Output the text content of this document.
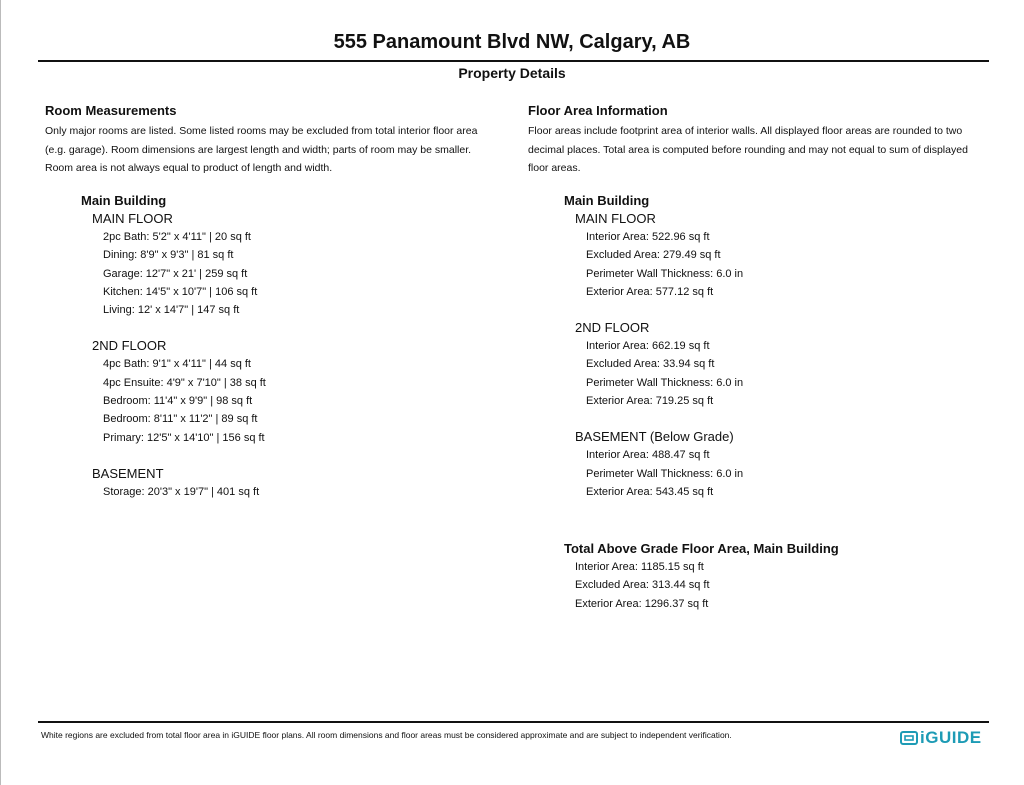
555 Panamount Blvd NW, Calgary, AB
Property Details
Room Measurements
Only major rooms are listed. Some listed rooms may be excluded from total interior floor area
(e.g. garage). Room dimensions are largest length and width; parts of room may be smaller.
Room area is not always equal to product of length and width.
Main Building
MAIN FLOOR
2pc Bath: 5'2" x 4'11" | 20 sq ft
Dining: 8'9" x 9'3" | 81 sq ft
Garage: 12'7" x 21' | 259 sq ft
Kitchen: 14'5" x 10'7" | 106 sq ft
Living: 12' x 14'7" | 147 sq ft
2ND FLOOR
4pc Bath: 9'1" x 4'11" | 44 sq ft
4pc Ensuite: 4'9" x 7'10" | 38 sq ft
Bedroom: 11'4" x 9'9" | 98 sq ft
Bedroom: 8'11" x 11'2" | 89 sq ft
Primary: 12'5" x 14'10" | 156 sq ft
BASEMENT
Storage: 20'3" x 19'7" | 401 sq ft
Floor Area Information
Floor areas include footprint area of interior walls. All displayed floor areas are rounded to two
decimal places. Total area is computed before rounding and may not equal to sum of displayed
floor areas.
Main Building
MAIN FLOOR
Interior Area: 522.96 sq ft
Excluded Area: 279.49 sq ft
Perimeter Wall Thickness: 6.0 in
Exterior Area: 577.12 sq ft
2ND FLOOR
Interior Area: 662.19 sq ft
Excluded Area: 33.94 sq ft
Perimeter Wall Thickness: 6.0 in
Exterior Area: 719.25 sq ft
BASEMENT (Below Grade)
Interior Area: 488.47 sq ft
Perimeter Wall Thickness: 6.0 in
Exterior Area: 543.45 sq ft
Total Above Grade Floor Area, Main Building
Interior Area: 1185.15 sq ft
Excluded Area: 313.44 sq ft
Exterior Area: 1296.37 sq ft
White regions are excluded from total floor area in iGUIDE floor plans. All room dimensions and floor areas must be considered approximate and are subject to independent verification.	iGUIDE
